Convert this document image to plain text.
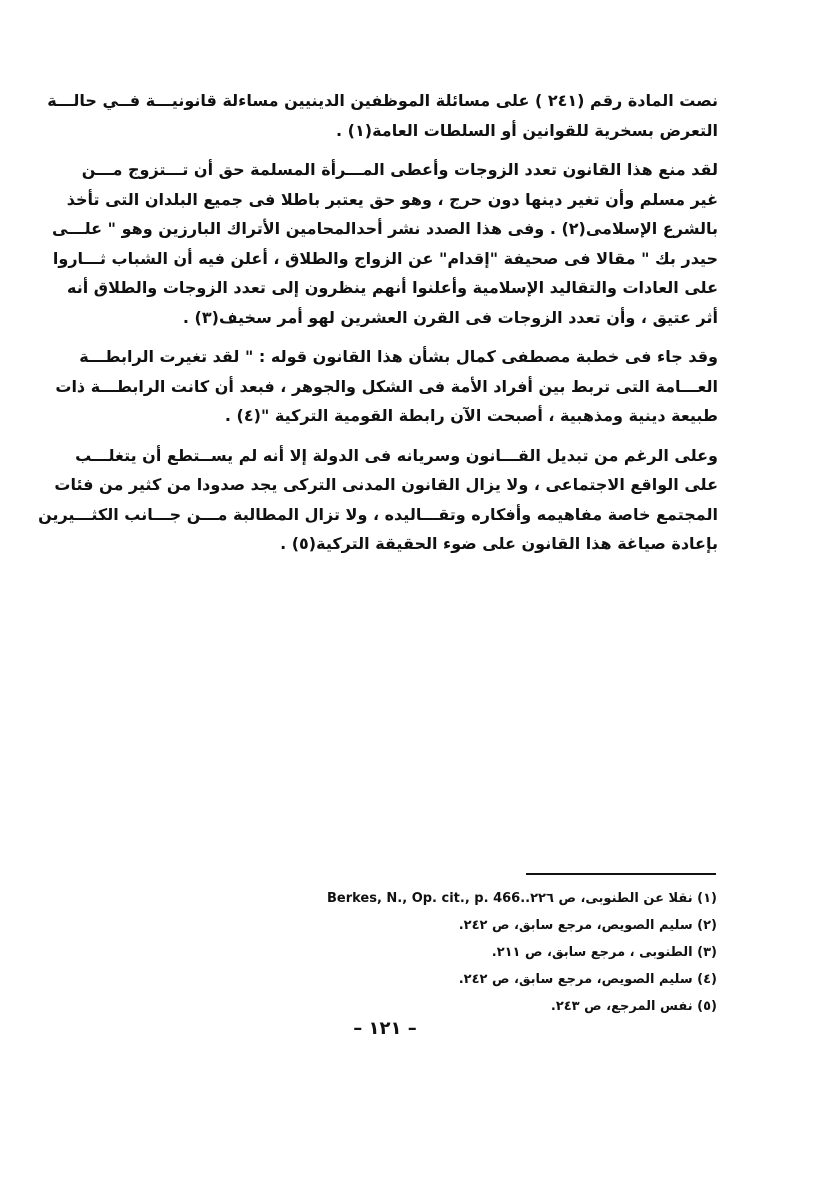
نصت المادة رقم (٢٤١ ) على مسائلة الموظفين الدينيين مساءلة قانونيـــة فــي حالـــة
التعرض بسخرية للقوانين أو السلطات العامة(١) .

لقد منع هذا القانون تعدد الزوجات وأعطى المـــرأة المسلمة حق أن تـــتزوج مـــن
غير مسلم وأن تغير دينها دون حرج ، وهو حق يعتبر باطلا فى جميع البلدان التى تأخذ
بالشرع الإسلامى(٢) . وفى هذا الصدد نشر أحدالمحامين الأتراك البارزين وهو " علـــى
حيدر بك " مقالا فى صحيفة "إقدام" عن الزواج والطلاق ، أعلن فيه أن الشباب ثـــاروا
على العادات والتقاليد الإسلامية وأعلنوا أنهم ينظرون إلى تعدد الزوجات والطلاق أنه
أثر عتيق ، وأن تعدد الزوجات فى القرن العشرين لهو أمر سخيف(٣) .

وقد جاء فى خطبة مصطفى كمال بشأن هذا القانون قوله : " لقد تغيرت الرابطـــة
العـــامة التى تربط بين أفراد الأمة فى الشكل والجوهر ، فبعد أن كانت الرابطـــة ذات
طبيعة دينية ومذهبية ، أصبحت الآن رابطة القومية التركية "(٤) .

وعلى الرغم من تبديل القـــانون وسريانه فى الدولة إلا أنه لم يســتطع أن يتغلـــب
على الواقع الاجتماعى ، ولا يزال القانون المدنى التركى يجد صدودا من كثير من فئات
المجتمع خاصة مفاهيمه وأفكاره وتقـــاليده ، ولا تزال المطالبة مـــن جـــانب الكثـــيرين
بإعادة صياغة هذا القانون على ضوء الحقيقة التركية(٥) .

(١) نقلا عن الطنوبى، ص ٢٢٦..Berkes, N., Op. cit., p. 466
(٢) سليم الصويص، مرجع سابق، ص ٢٤٢.
(٣) الطنوبى ، مرجع سابق، ص ٢١١.
(٤) سليم الصويص، مرجع سابق، ص ٢٤٢.
(٥) نفس المرجع، ص ٢٤٣.
– ١٢١ –
